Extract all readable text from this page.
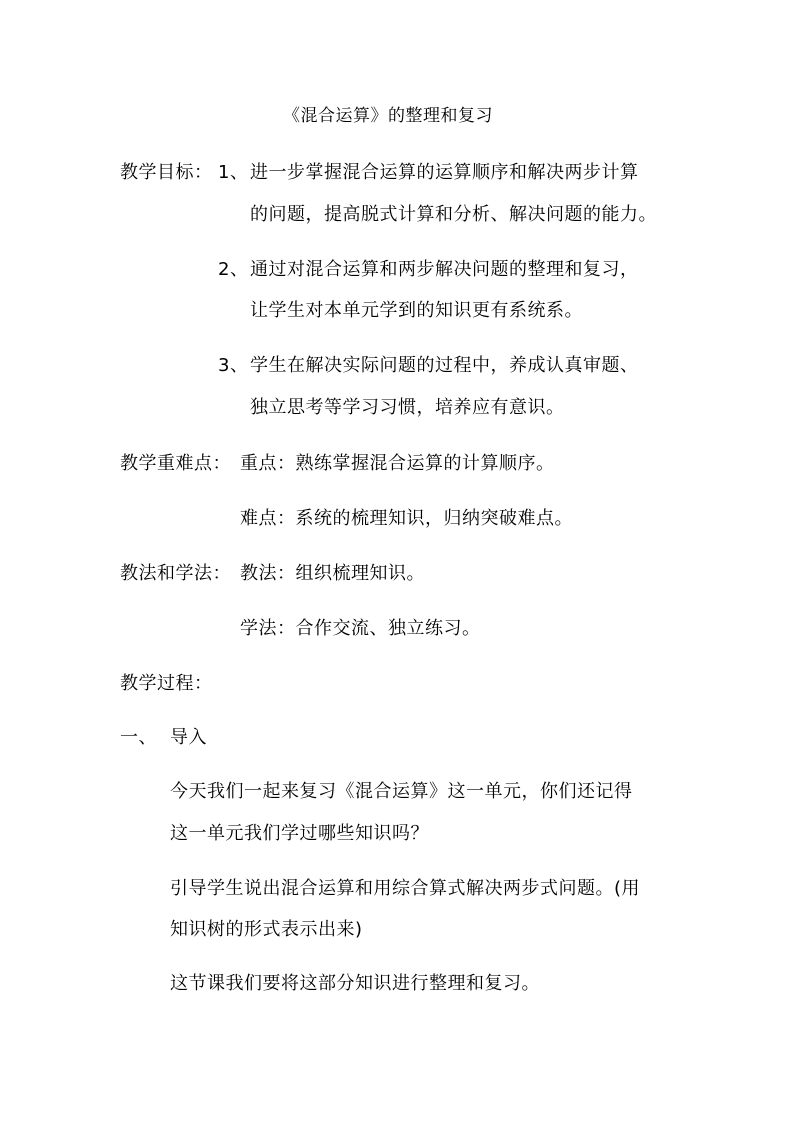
《混合运算》的整理和复习
教学目标： 1、 进一步掌握混合运算的运算顺序和解决两步计算
的问题，提高脱式计算和分析、解决问题的能力。
2、 通过对混合运算和两步解决问题的整理和复习，
让学生对本单元学到的知识更有系统系。
3、 学生在解决实际问题的过程中，养成认真审题、
独立思考等学习习惯，培养应有意识。
教学重难点： 重点：熟练掌握混合运算的计算顺序。
难点：系统的梳理知识，归纳突破难点。
教法和学法： 教法：组织梳理知识。
学法：合作交流、独立练习。
教学过程：
一、 导入
今天我们一起来复习《混合运算》这一单元，你们还记得
这一单元我们学过哪些知识吗？
引导学生说出混合运算和用综合算式解决两步式问题。(用
知识树的形式表示出来)
这节课我们要将这部分知识进行整理和复习。
